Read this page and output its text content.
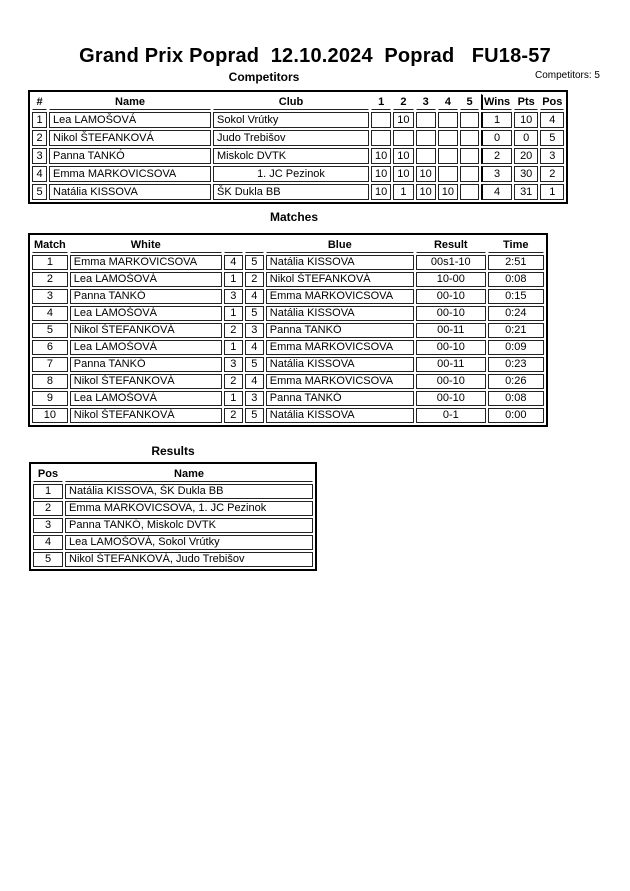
Grand Prix Poprad  12.10.2024  Poprad   FU18-57
Competitors	Competitors: 5
#	Name	Club	1	2	3	4	5	Wins	Pts	Pos
1	Lea LAMOŠOVÁ	Sokol Vrútky		10				1	10	4
2	Nikol ŠTEFANKOVÁ	Judo Trebišov						0	0	5
3	Panna TANKÓ	Miskolc DVTK	10	10				2	20	3
4	Emma MARKOVICSOVA	1. JC Pezinok	10	10	10			3	30	2
5	Natália KISSOVA	ŠK Dukla BB	10	1	10	10		4	31	1
Matches
Match	White			Blue	Result	Time
1	Emma MARKOVICSOVA	4	5	Natália KISSOVA	00s1-10	2:51
2	Lea LAMOŠOVÁ	1	2	Nikol ŠTEFANKOVÁ	10-00	0:08
3	Panna TANKÓ	3	4	Emma MARKOVICSOVA	00-10	0:15
4	Lea LAMOŠOVÁ	1	5	Natália KISSOVA	00-10	0:24
5	Nikol ŠTEFANKOVÁ	2	3	Panna TANKÓ	00-11	0:21
6	Lea LAMOŠOVÁ	1	4	Emma MARKOVICSOVA	00-10	0:09
7	Panna TANKÓ	3	5	Natália KISSOVA	00-11	0:23
8	Nikol ŠTEFANKOVÁ	2	4	Emma MARKOVICSOVA	00-10	0:26
9	Lea LAMOŠOVÁ	1	3	Panna TANKÓ	00-10	0:08
10	Nikol ŠTEFANKOVÁ	2	5	Natália KISSOVA	0-1	0:00
Results
Pos	Name
1	Natália KISSOVA, ŠK Dukla BB
2	Emma MARKOVICSOVA, 1. JC Pezinok
3	Panna TANKÓ, Miskolc DVTK
4	Lea LAMOŠOVÁ, Sokol Vrútky
5	Nikol ŠTEFANKOVÁ, Judo Trebišov
